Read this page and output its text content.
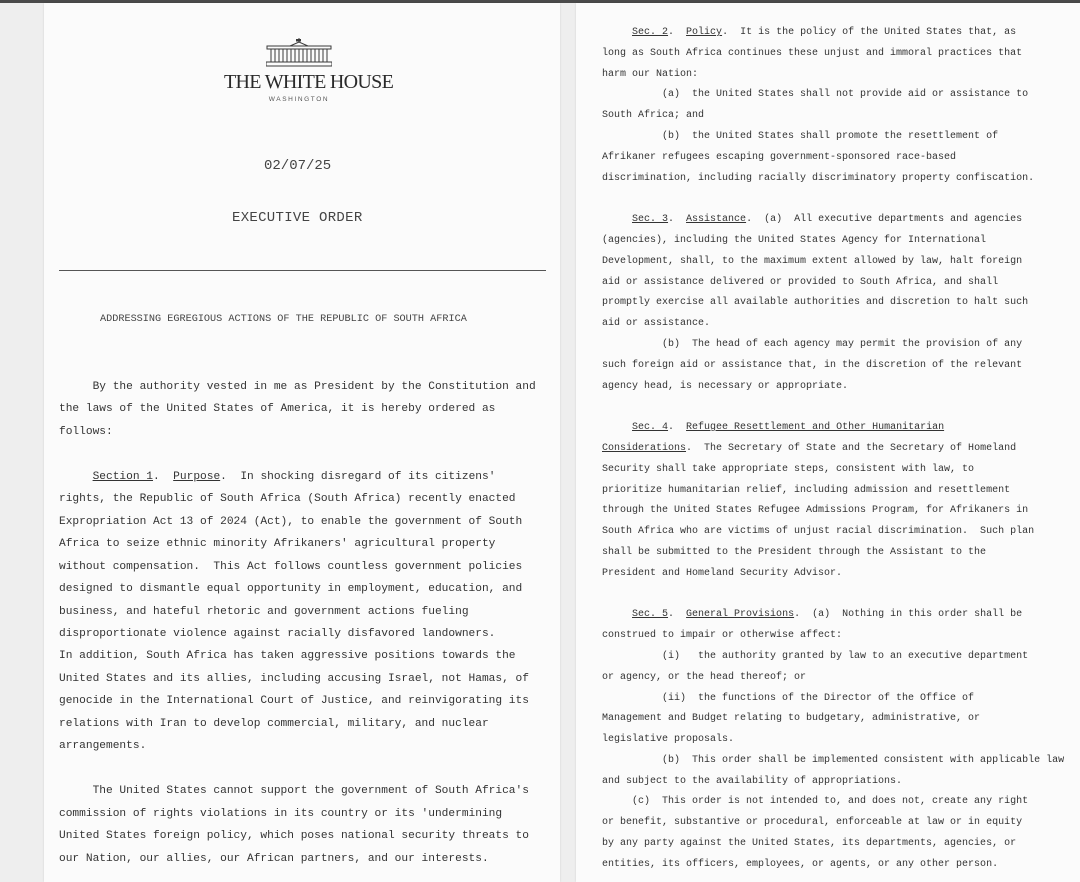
THE WHITE HOUSE
WASHINGTON
02/07/25
EXECUTIVE ORDER
ADDRESSING EGREGIOUS ACTIONS OF THE REPUBLIC OF SOUTH AFRICA
By the authority vested in me as President by the Constitution and
the laws of the United States of America, it is hereby ordered as
follows:

Section 1.  Purpose.  In shocking disregard of its citizens'
rights, the Republic of South Africa (South Africa) recently enacted
Expropriation Act 13 of 2024 (Act), to enable the government of South
Africa to seize ethnic minority Afrikaners' agricultural property
without compensation.  This Act follows countless government policies
designed to dismantle equal opportunity in employment, education, and
business, and hateful rhetoric and government actions fueling
disproportionate violence against racially disfavored landowners.
In addition, South Africa has taken aggressive positions towards the
United States and its allies, including accusing Israel, not Hamas, of
genocide in the International Court of Justice, and reinvigorating its
relations with Iran to develop commercial, military, and nuclear
arrangements.

The United States cannot support the government of South Africa's
commission of rights violations in its country or its 'undermining
United States foreign policy, which poses national security threats to
our Nation, our allies, our African partners, and our interests.
Sec. 2.  Policy.  It is the policy of the United States that, as
long as South Africa continues these unjust and immoral practices that
harm our Nation:
(a)  the United States shall not provide aid or assistance to
South Africa; and
(b)  the United States shall promote the resettlement of
Afrikaner refugees escaping government-sponsored race-based
discrimination, including racially discriminatory property confiscation.

Sec. 3.  Assistance.  (a)  All executive departments and agencies
(agencies), including the United States Agency for International
Development, shall, to the maximum extent allowed by law, halt foreign
aid or assistance delivered or provided to South Africa, and shall
promptly exercise all available authorities and discretion to halt such
aid or assistance.
(b)  The head of each agency may permit the provision of any
such foreign aid or assistance that, in the discretion of the relevant
agency head, is necessary or appropriate.

Sec. 4.  Refugee Resettlement and Other Humanitarian
Considerations.  The Secretary of State and the Secretary of Homeland
Security shall take appropriate steps, consistent with law, to
prioritize humanitarian relief, including admission and resettlement
through the United States Refugee Admissions Program, for Afrikaners in
South Africa who are victims of unjust racial discrimination.  Such plan
shall be submitted to the President through the Assistant to the
President and Homeland Security Advisor.

Sec. 5.  General Provisions.  (a)  Nothing in this order shall be
construed to impair or otherwise affect:
(i)   the authority granted by law to an executive department
or agency, or the head thereof; or
(ii)  the functions of the Director of the Office of
Management and Budget relating to budgetary, administrative, or
legislative proposals.
(b)  This order shall be implemented consistent with applicable law
and subject to the availability of appropriations.
(c)  This order is not intended to, and does not, create any right
or benefit, substantive or procedural, enforceable at law or in equity
by any party against the United States, its departments, agencies, or
entities, its officers, employees, or agents, or any other person.
